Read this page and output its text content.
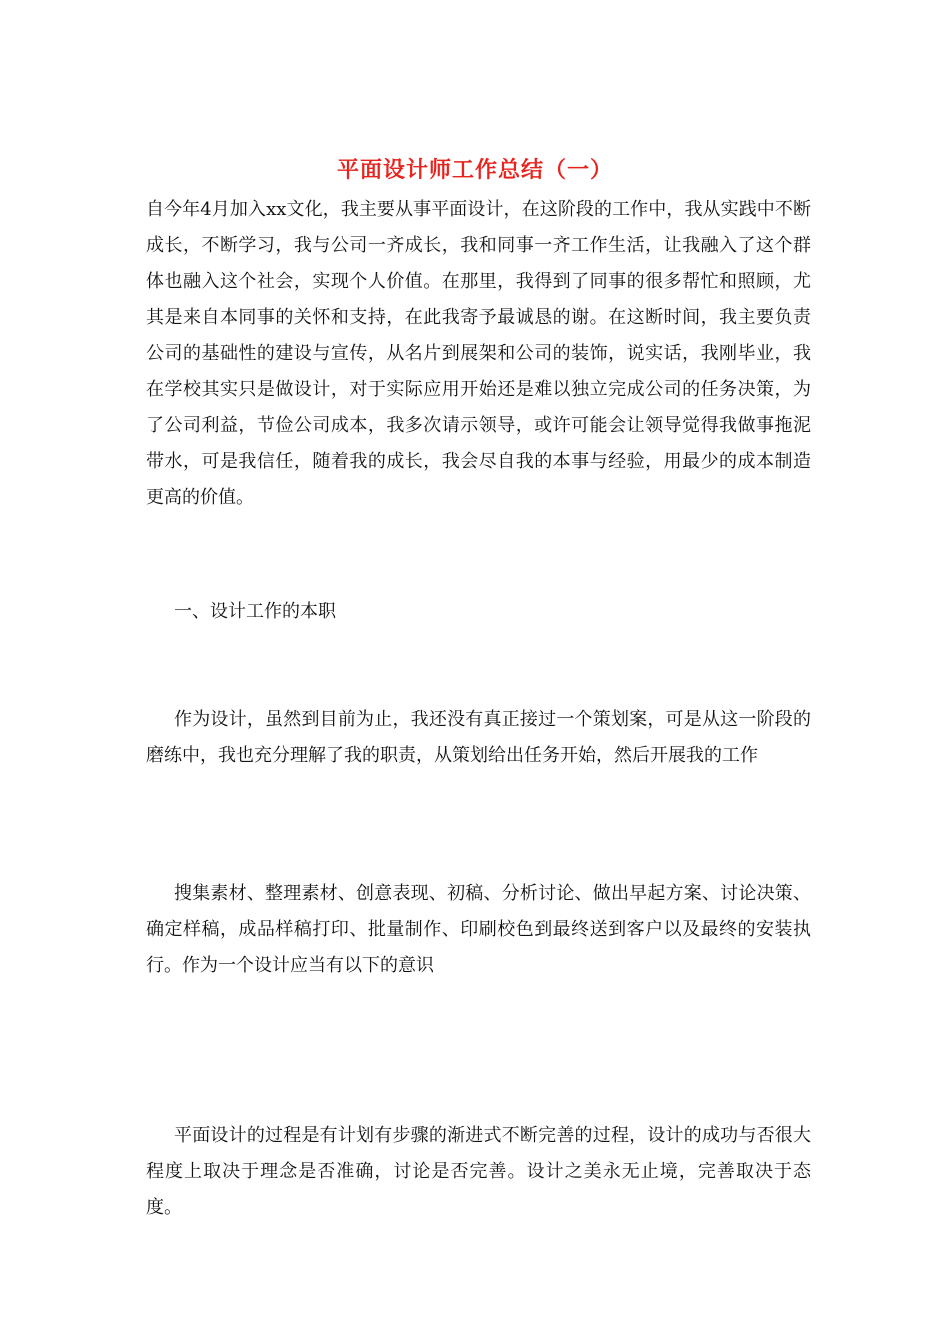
平面设计师工作总结（一）

自今年4月加入xx文化，我主要从事平面设计，在这阶段的工作中，我从实践中不断成长，不断学习，我与公司一齐成长，我和同事一齐工作生活，让我融入了这个群体也融入这个社会，实现个人价值。在那里，我得到了同事的很多帮忙和照顾，尤其是来自本同事的关怀和支持，在此我寄予最诚恳的谢。在这断时间，我主要负责公司的基础性的建设与宣传，从名片到展架和公司的装饰，说实话，我刚毕业，我在学校其实只是做设计，对于实际应用开始还是难以独立完成公司的任务决策，为了公司利益，节俭公司成本，我多次请示领导，或许可能会让领导觉得我做事拖泥带水，可是我信任，随着我的成长，我会尽自我的本事与经验，用最少的成本制造更高的价值。

一、设计工作的本职

作为设计，虽然到目前为止，我还没有真正接过一个策划案，可是从这一阶段的磨练中，我也充分理解了我的职责，从策划给出任务开始，然后开展我的工作

搜集素材、整理素材、创意表现、初稿、分析讨论、做出早起方案、讨论决策、确定样稿，成品样稿打印、批量制作、印刷校色到最终送到客户以及最终的安装执行。作为一个设计应当有以下的意识

平面设计的过程是有计划有步骤的渐进式不断完善的过程，设计的成功与否很大程度上取决于理念是否准确，讨论是否完善。设计之美永无止境，完善取决于态度。
